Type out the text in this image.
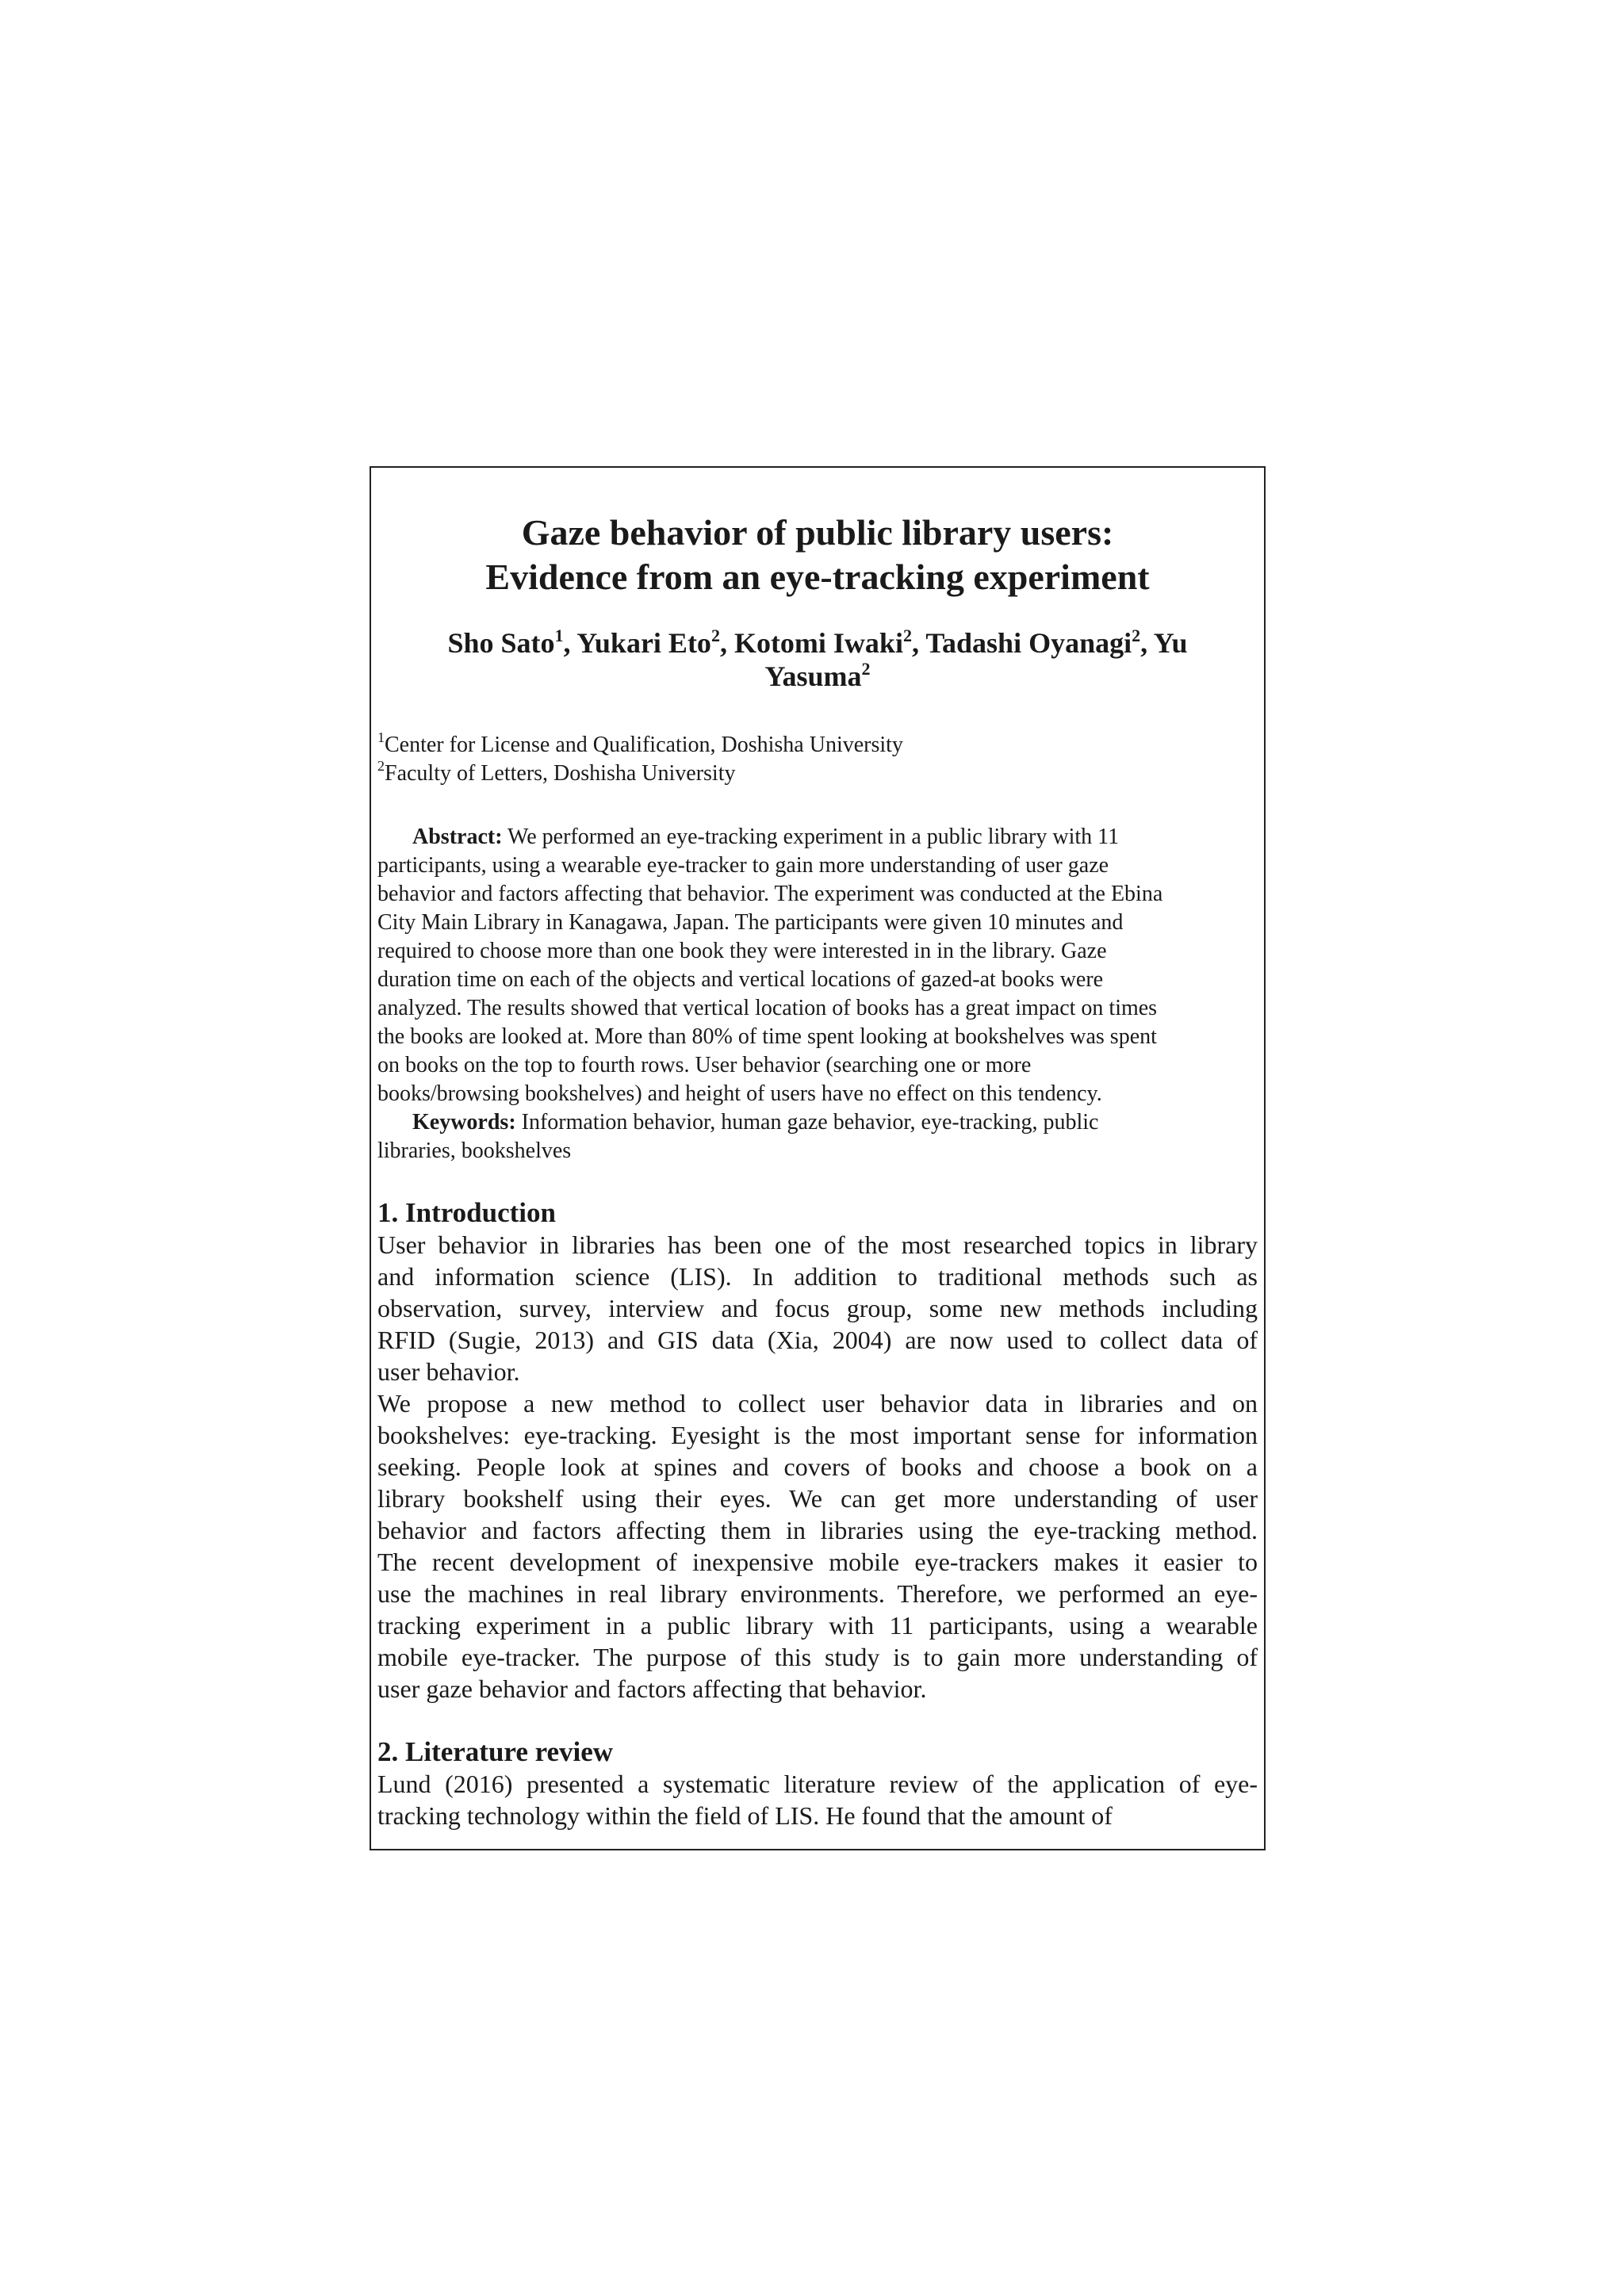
Gaze behavior of public library users:
Evidence from an eye-tracking experiment
Sho Sato$^1$, Yukari Eto$^2$, Kotomi Iwaki$^2$, Tadashi Oyanagi$^2$, Yu
Yasuma$^2$
$^1$Center for License and Qualification, Doshisha University
$^2$Faculty of Letters, Doshisha University
Abstract: We performed an eye-tracking experiment in a public library with 11
participants, using a wearable eye-tracker to gain more understanding of user gaze
behavior and factors affecting that behavior. The experiment was conducted at the Ebina
City Main Library in Kanagawa, Japan. The participants were given 10 minutes and
required to choose more than one book they were interested in in the library. Gaze
duration time on each of the objects and vertical locations of gazed-at books were
analyzed. The results showed that vertical location of books has a great impact on times
the books are looked at. More than 80% of time spent looking at bookshelves was spent
on books on the top to fourth rows. User behavior (searching one or more
books/browsing bookshelves) and height of users have no effect on this tendency.
Keywords: Information behavior, human gaze behavior, eye-tracking, public
libraries, bookshelves
1. Introduction
User behavior in libraries has been one of the most researched topics in library
and information science (LIS). In addition to traditional methods such as
observation, survey, interview and focus group, some new methods including
RFID (Sugie, 2013) and GIS data (Xia, 2004) are now used to collect data of
user behavior.
We propose a new method to collect user behavior data in libraries and on
bookshelves: eye-tracking. Eyesight is the most important sense for information
seeking. People look at spines and covers of books and choose a book on a
library bookshelf using their eyes. We can get more understanding of user
behavior and factors affecting them in libraries using the eye-tracking method.
The recent development of inexpensive mobile eye-trackers makes it easier to
use the machines in real library environments. Therefore, we performed an eye-
tracking experiment in a public library with 11 participants, using a wearable
mobile eye-tracker. The purpose of this study is to gain more understanding of
user gaze behavior and factors affecting that behavior.
2. Literature review
Lund (2016) presented a systematic literature review of the application of eye-
tracking technology within the field of LIS. He found that the amount of
